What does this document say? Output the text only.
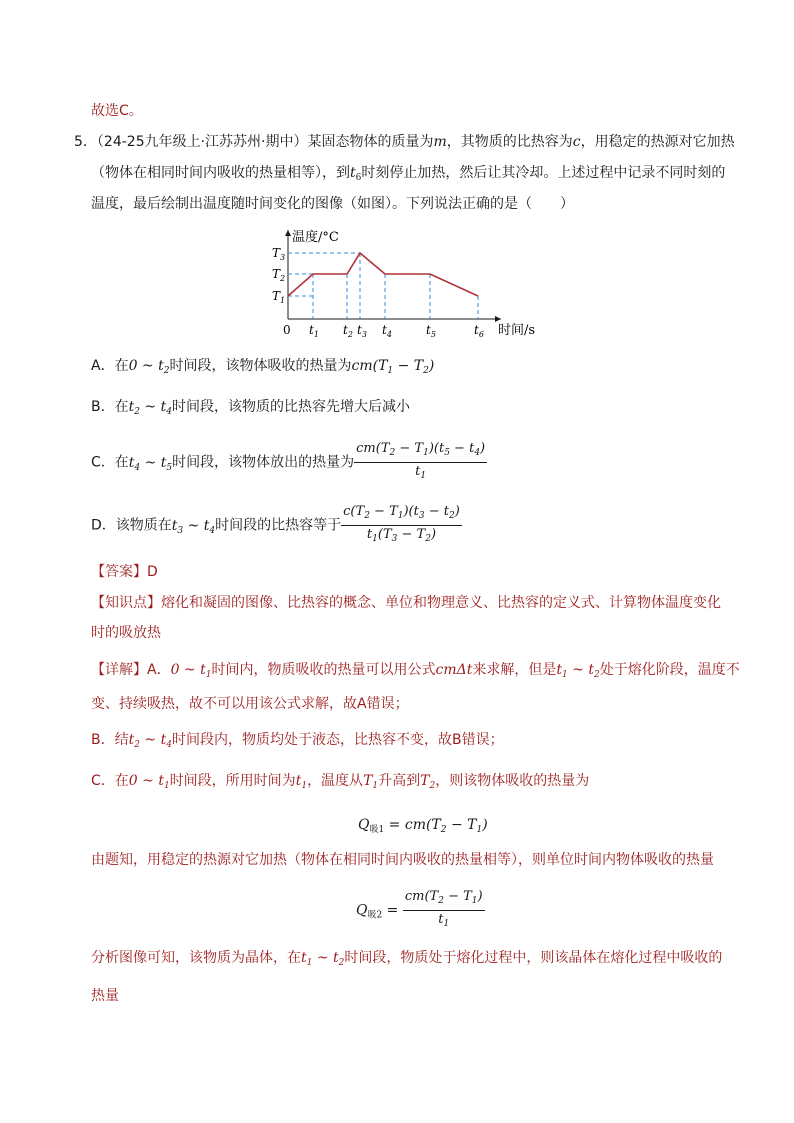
故选C。
5．（24-25九年级上·江苏苏州·期中）某固态物体的质量为m，其物质的比热容为c，用稳定的热源对它加热
（物体在相同时间内吸收的热量相等），到$t_6$时刻停止加热，然后让其冷却。上述过程中记录不同时刻的
温度，最后绘制出温度随时间变化的图像（如图）。下列说法正确的是（　　）
温度/°C
时间/s
0
$T_1$
$T_2$
$T_3$
$t_1$ $t_2$ $t_3$ $t_4$	$t_5$	$t_6$
A．在0 ~ $t_2$时间段，该物体吸收的热量为$cm(T_1 - T_2)$
B．在$t_2$ ~ $t_4$时间段，该物质的比热容先增大后减小
C．在$t_4$ ~ $t_5$时间段，该物体放出的热量为 $\frac{cm(T_2 - T_1)(t_5 - t_4)}{t_1}$
D．该物质在$t_3$ ~ $t_4$时间段的比热容等于 $\frac{c(T_2 - T_1)(t_3 - t_2)}{t_1(T_3 - T_2)}$
【答案】D
【知识点】熔化和凝固的图像、比热容的概念、单位和物理意义、比热容的定义式、计算物体温度变化
时的吸放热
【详解】A．0 ~ $t_1$时间内，物质吸收的热量可以用公式cmΔt来求解，但是$t_1$ ~ $t_2$处于熔化阶段，温度不
变、持续吸热，故不可以用该公式求解，故A错误；
B．结$t_2$ ~ $t_4$时间段内，物质均处于液态，比热容不变，故B错误；
C．在0 ~ $t_1$时间段，所用时间为$t_1$，温度从$T_1$升高到$T_2$，则该物体吸收的热量为
$Q_{吸1} = cm(T_2 - T_1)$
由题知，用稳定的热源对它加热（物体在相同时间内吸收的热量相等），则单位时间内物体吸收的热量
$Q_{吸2} = \frac{cm(T_2 - T_1)}{t_1}$
分析图像可知，该物质为晶体，在$t_1$ ~ $t_2$时间段，物质处于熔化过程中，则该晶体在熔化过程中吸收的
热量
